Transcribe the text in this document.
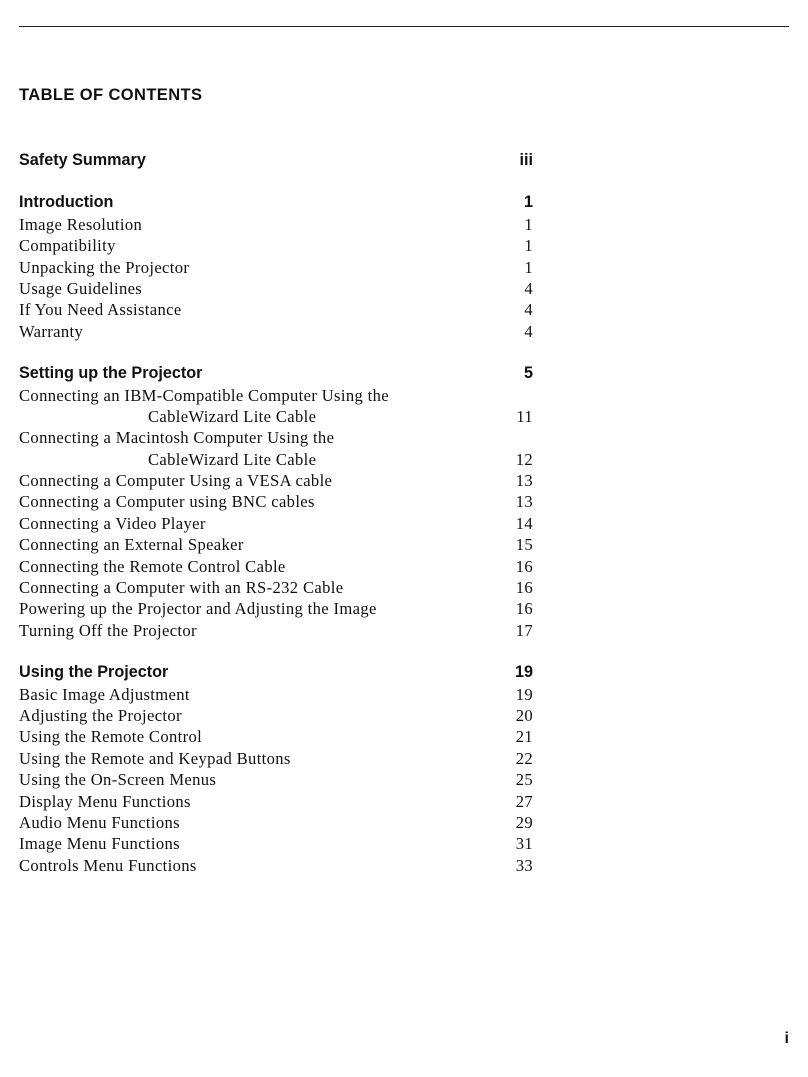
TABLE OF CONTENTS
Safety Summary	iii
Introduction	1
Image Resolution	1
Compatibility	1
Unpacking the Projector	1
Usage Guidelines	4
If You Need Assistance	4
Warranty	4
Setting up the Projector	5
Connecting an IBM-Compatible Computer Using the
CableWizard Lite Cable	11
Connecting a Macintosh Computer Using the
CableWizard Lite Cable	12
Connecting a Computer Using a VESA cable	13
Connecting a Computer using BNC cables	13
Connecting a Video Player	14
Connecting an External Speaker	15
Connecting the Remote Control Cable	16
Connecting a Computer with an RS-232 Cable	16
Powering up the Projector and Adjusting the Image	16
Turning Off the Projector	17
Using the Projector	19
Basic Image Adjustment	19
Adjusting the Projector	20
Using the Remote Control	21
Using the Remote and Keypad Buttons	22
Using the On-Screen Menus	25
Display Menu Functions	27
Audio Menu Functions	29
Image Menu Functions	31
Controls Menu Functions	33
i
